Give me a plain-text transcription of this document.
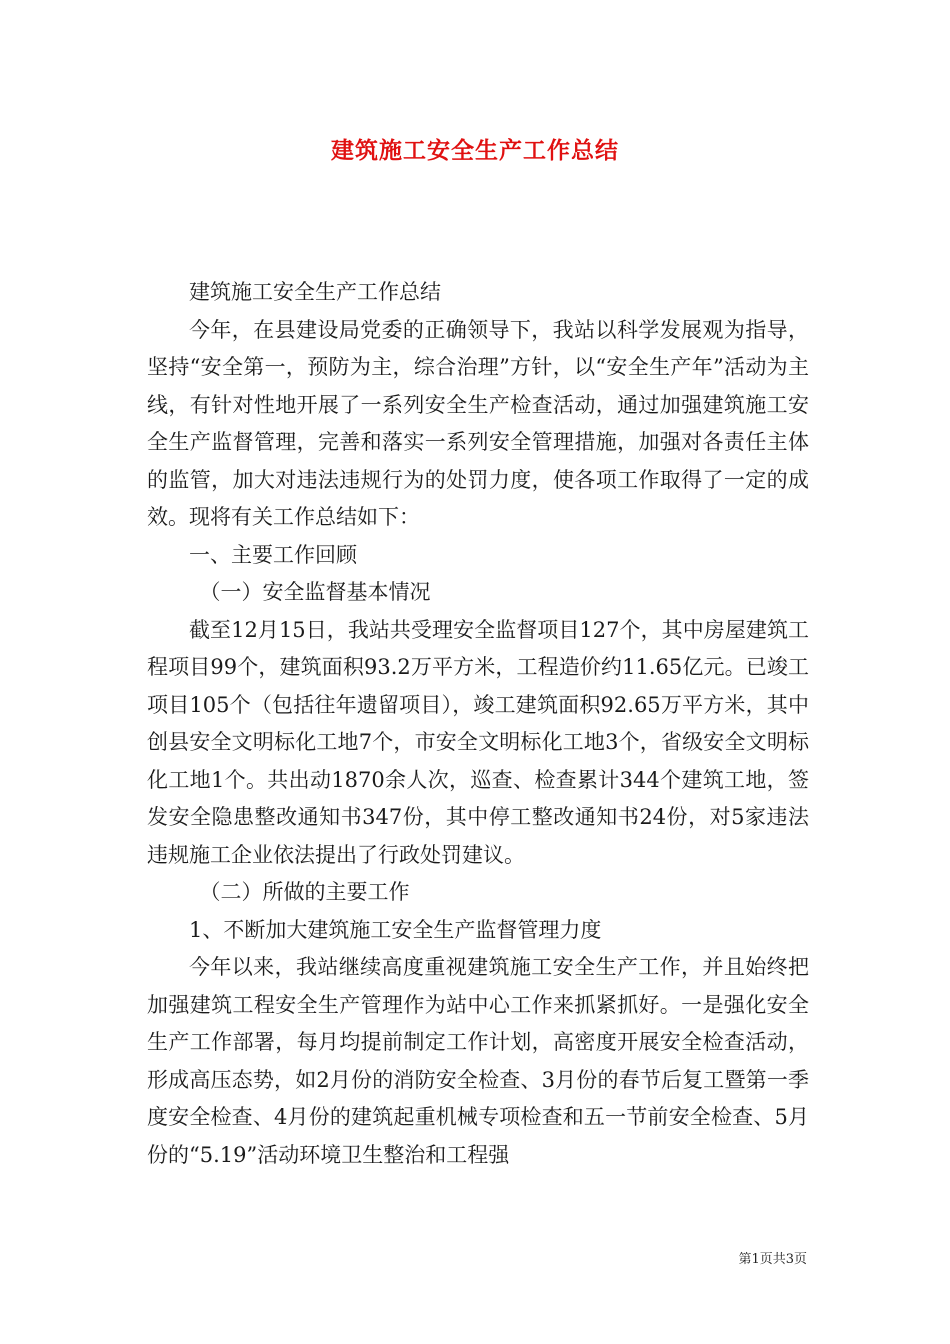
建筑施工安全生产工作总结

建筑施工安全生产工作总结

今年，在县建设局党委的正确领导下，我站以科学发展观为指导，坚持“安全第一，预防为主，综合治理”方针，以“安全生产年”活动为主线，有针对性地开展了一系列安全生产检查活动，通过加强建筑施工安全生产监督管理，完善和落实一系列安全管理措施，加强对各责任主体的监管，加大对违法违规行为的处罚力度，使各项工作取得了一定的成效。现将有关工作总结如下：

一、主要工作回顾

（一）安全监督基本情况

截至12月15日，我站共受理安全监督项目127个，其中房屋建筑工程项目99个，建筑面积93.2万平方米，工程造价约11.65亿元。已竣工项目105个（包括往年遗留项目），竣工建筑面积92.65万平方米，其中创县安全文明标化工地7个，市安全文明标化工地3个，省级安全文明标化工地1个。共出动1870余人次，巡查、检查累计344个建筑工地，签发安全隐患整改通知书347份，其中停工整改通知书24份，对5家违法违规施工企业依法提出了行政处罚建议。

（二）所做的主要工作

1、不断加大建筑施工安全生产监督管理力度

今年以来，我站继续高度重视建筑施工安全生产工作，并且始终把加强建筑工程安全生产管理作为站中心工作来抓紧抓好。一是强化安全生产工作部署，每月均提前制定工作计划，高密度开展安全检查活动，形成高压态势，如2月份的消防安全检查、3月份的春节后复工暨第一季度安全检查、4月份的建筑起重机械专项检查和五一节前安全检查、5月份的“5.19”活动环境卫生整治和工程强

第1页共3页
